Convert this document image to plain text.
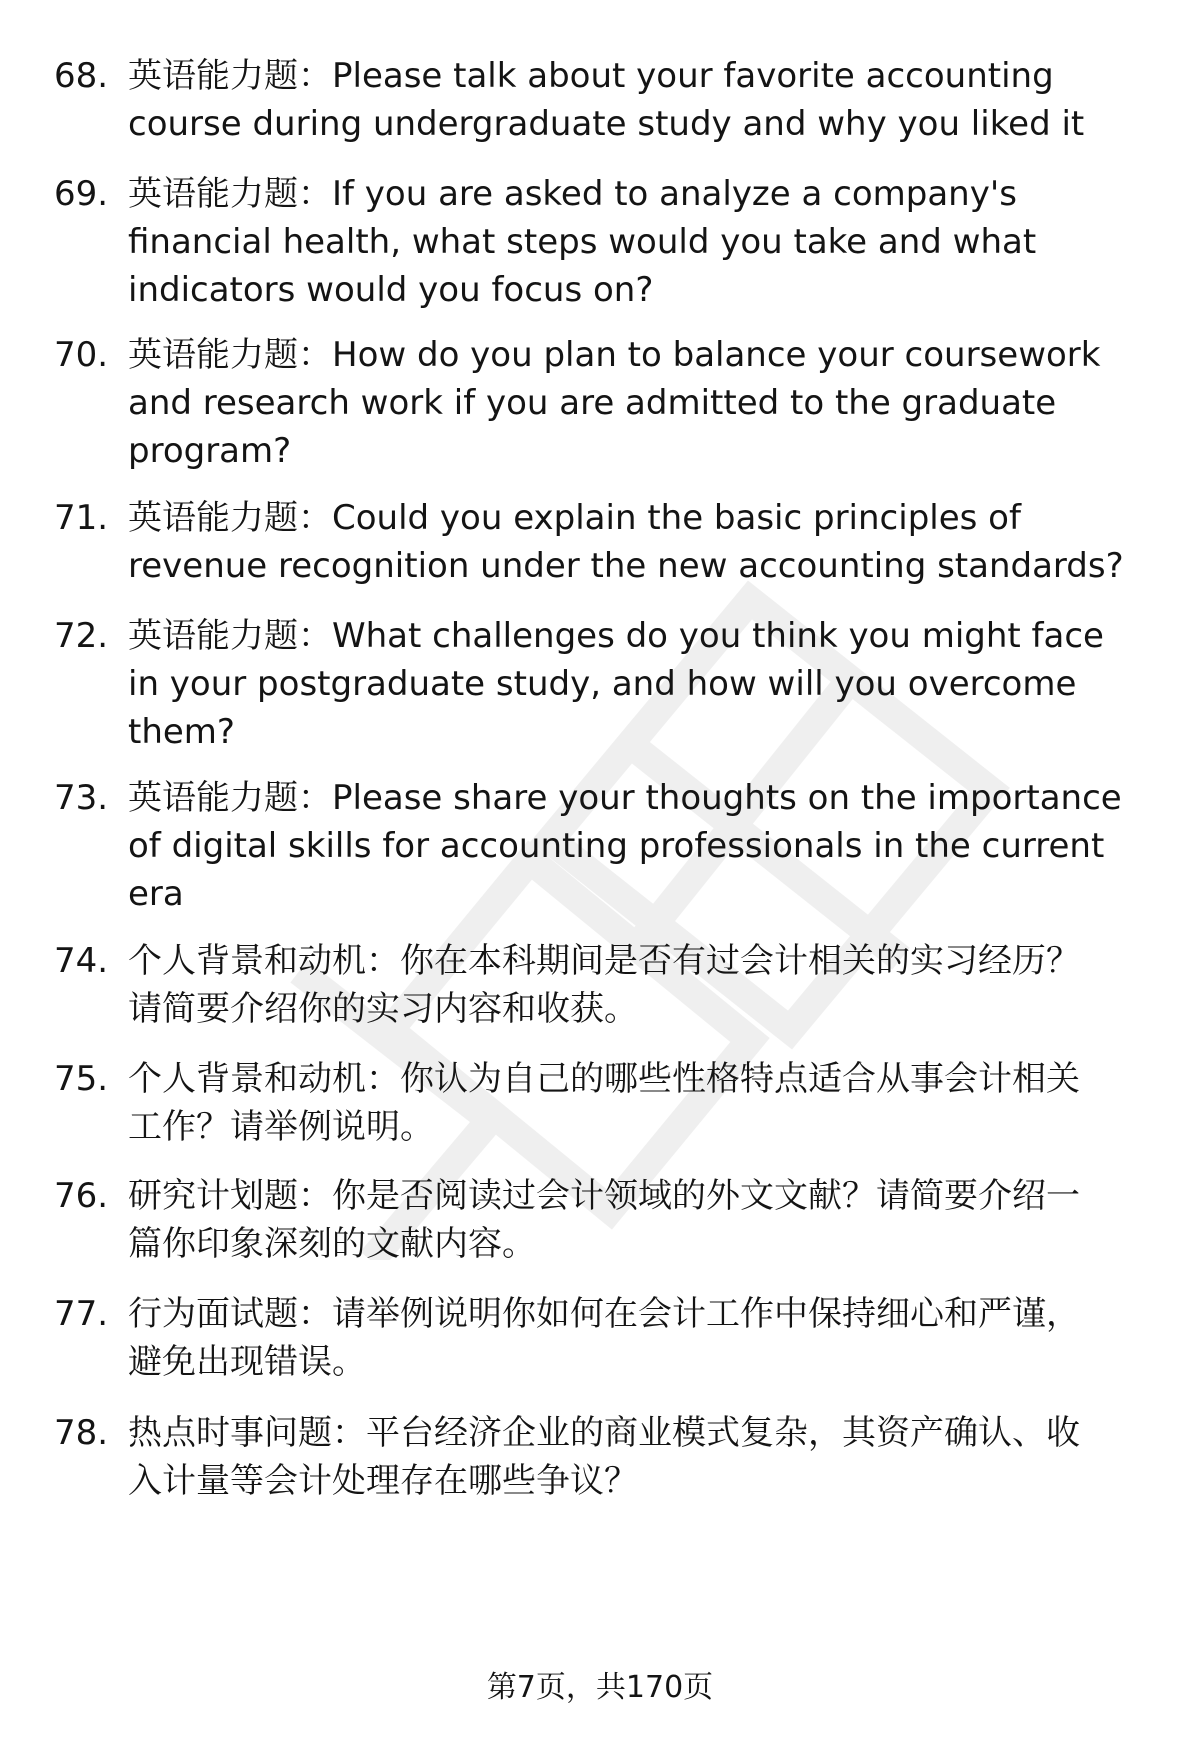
68. 英语能力题：Please talk about your favorite accounting
course during undergraduate study and why you liked it
69. 英语能力题：If you are asked to analyze a company's
financial health, what steps would you take and what
indicators would you focus on?
70. 英语能力题：How do you plan to balance your coursework
and research work if you are admitted to the graduate
program?
71. 英语能力题：Could you explain the basic principles of
revenue recognition under the new accounting standards?
72. 英语能力题：What challenges do you think you might face
in your postgraduate study, and how will you overcome
them?
73. 英语能力题：Please share your thoughts on the importance
of digital skills for accounting professionals in the current
era
74. 个人背景和动机：你在本科期间是否有过会计相关的实习经历？
请简要介绍你的实习内容和收获。
75. 个人背景和动机：你认为自己的哪些性格特点适合从事会计相关
工作？请举例说明。
76. 研究计划题：你是否阅读过会计领域的外文文献？请简要介绍一
篇你印象深刻的文献内容。
77. 行为面试题：请举例说明你如何在会计工作中保持细心和严谨，
避免出现错误。
78. 热点时事问题：平台经济企业的商业模式复杂，其资产确认、收
入计量等会计处理存在哪些争议？
第7页，共170页
